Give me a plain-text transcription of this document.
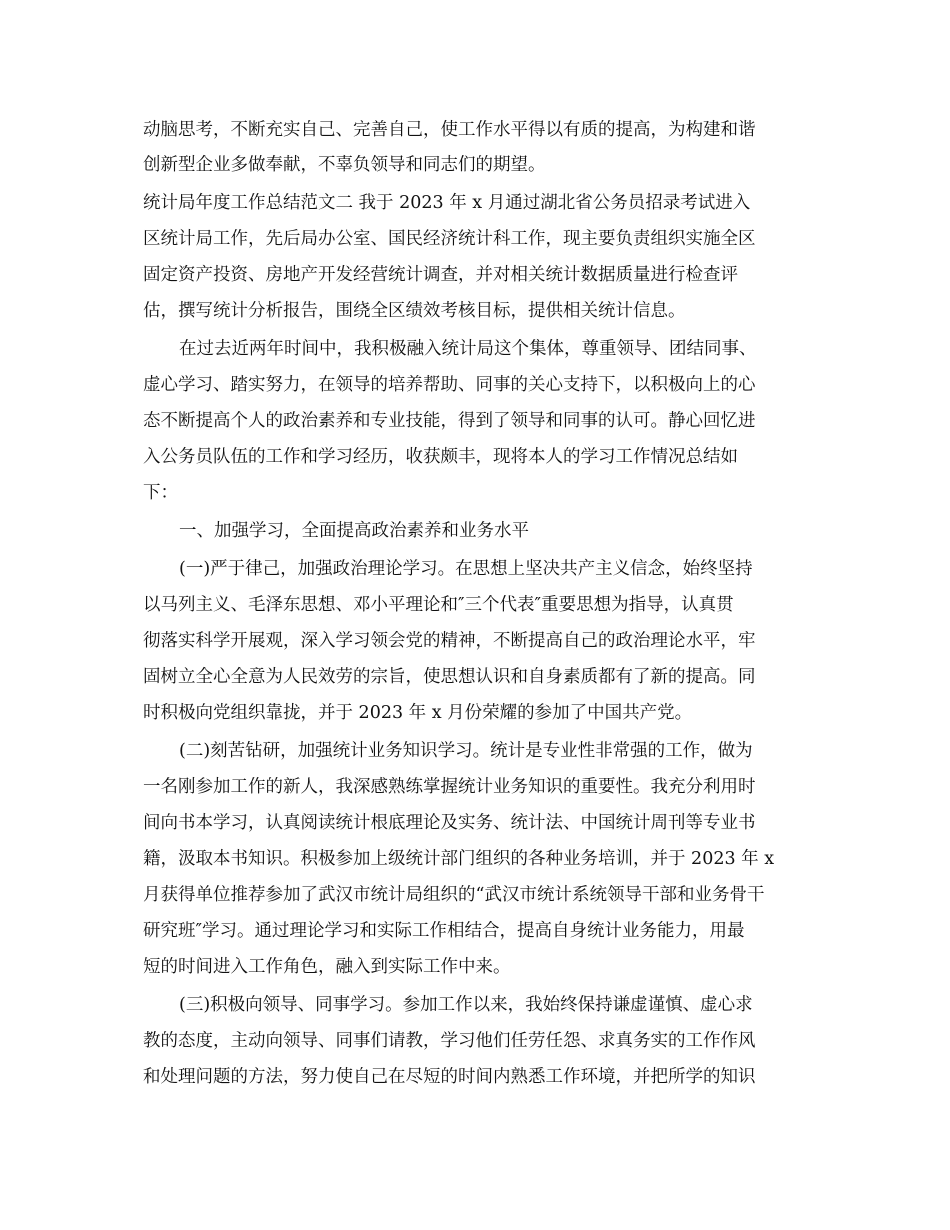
动脑思考，不断充实自己、完善自己，使工作水平得以有质的提高，为构建和谐
创新型企业多做奉献，不辜负领导和同志们的期望。
统计局年度工作总结范文二 我于 2023 年 x 月通过湖北省公务员招录考试进入
区统计局工作，先后局办公室、国民经济统计科工作，现主要负责组织实施全区
固定资产投资、房地产开发经营统计调查，并对相关统计数据质量进行检查评
估，撰写统计分析报告，围绕全区绩效考核目标，提供相关统计信息。
在过去近两年时间中，我积极融入统计局这个集体，尊重领导、团结同事、
虚心学习、踏实努力，在领导的培养帮助、同事的关心支持下，以积极向上的心
态不断提高个人的政治素养和专业技能，得到了领导和同事的认可。静心回忆进
入公务员队伍的工作和学习经历，收获颇丰，现将本人的学习工作情况总结如
下：
一、加强学习，全面提高政治素养和业务水平
(一)严于律己，加强政治理论学习。在思想上坚决共产主义信念，始终坚持
以马列主义、毛泽东思想、邓小平理论和″三个代表″重要思想为指导，认真贯
彻落实科学开展观，深入学习领会党的精神，不断提高自己的政治理论水平，牢
固树立全心全意为人民效劳的宗旨，使思想认识和自身素质都有了新的提高。同
时积极向党组织靠拢，并于 2023 年 x 月份荣耀的参加了中国共产党。
(二)刻苦钻研，加强统计业务知识学习。统计是专业性非常强的工作，做为
一名刚参加工作的新人，我深感熟练掌握统计业务知识的重要性。我充分利用时
间向书本学习，认真阅读统计根底理论及实务、统计法、中国统计周刊等专业书
籍，汲取本书知识。积极参加上级统计部门组织的各种业务培训，并于 2023 年 x
月获得单位推荐参加了武汉市统计局组织的“武汉市统计系统领导干部和业务骨干
研究班″学习。通过理论学习和实际工作相结合，提高自身统计业务能力，用最
短的时间进入工作角色，融入到实际工作中来。
(三)积极向领导、同事学习。参加工作以来，我始终保持谦虚谨慎、虚心求
教的态度，主动向领导、同事们请教，学习他们任劳任怨、求真务实的工作作风
和处理问题的方法，努力使自己在尽短的时间内熟悉工作环境，并把所学的知识
